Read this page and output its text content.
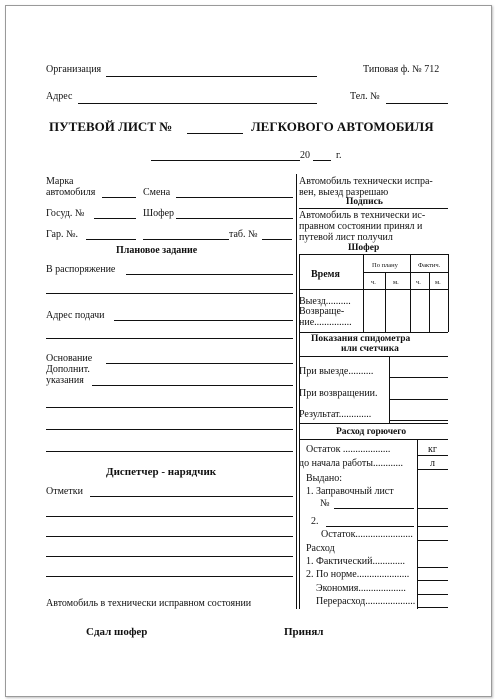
Организация	Типовая ф. № 712
Адрес	Тел. №
ПУТЕВОЙ ЛИСТ №	ЛЕГКОВОГО АВТОМОБИЛЯ
20	г.
Марка
автомобиля	Смена
Госуд. №	Шофер
Гар. №.	таб. №
Плановое задание
В распоряжение
Адрес подачи
Основание
Дополнит.
указания
Диспетчер - нарядчик
Отметки
Автомобиль в технически исправном состоянии
Сдал шофер	Принял
Автомобиль технически испра-
вен, выезд разрешаю
Подпись
Автомобиль в технически ис-
правном состоянии принял и
путевой лист получил
Шофер
Время
По плану	Фактич.
ч.	м.	ч. м.
Выезд..........
Возвраще-
ние...............
Показания спидометра
или счетчика
При выезде..........
При возвращении.
Результат.............
Расход горючего
Остаток ...................	кг
до начала работы............	л
Выдано:
1. Заправочный лист
№
2.
Остаток.......................
Расход
1. Фактический.............
2. По норме.....................
Экономия...................
Перерасход....................
